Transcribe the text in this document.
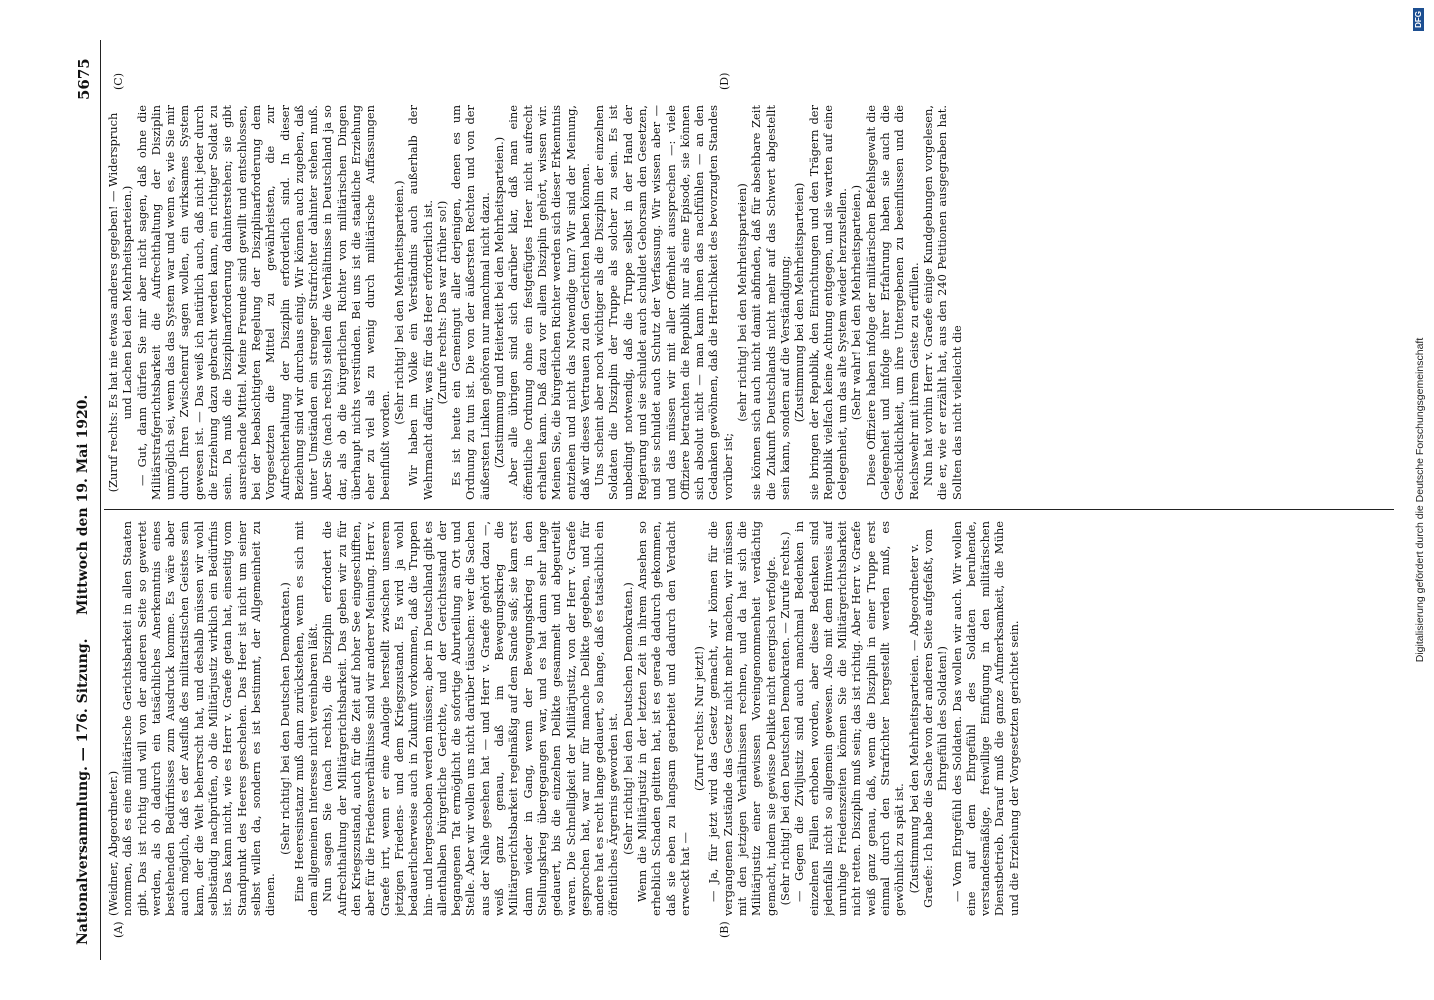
Nationalversammlung. — 176. Sitzung.
Mittwoch den 19. Mai 1920.
5675
(A)	(B)
(C)	(D)

(Weidner, Abgeordneter.) nommen, daß es eine militärische Gerichtsbarkeit in allen Staaten gibt. Das ist richtig und will von der anderen Seite so gewertet werden, als ob dadurch ein tatsächliches Anerkenntnis eines bestehenden Bedürfnisses zum Ausdruck komme. Es wäre aber auch möglich, daß es der Ausfluß des militaristischen Geistes sein kann, der die Welt beherrscht hat, und deshalb müssen wir wohl selbständig nachprüfen, ob die Militärjustiz wirklich ein Bedürfnis ist. Das kann nicht, wie es Herr v. Graefe getan hat, einseitig vom Standpunkt des Heeres geschehen. Das Heer ist nicht um seiner selbst willen da, sondern es ist bestimmt, der Allgemeinheit zu dienen.

(Sehr richtig! bei den Deutschen Demokraten.) Eine Heeresinstanz muß dann zurückstehen, wenn es sich mit dem allgemeinen Interesse nicht vereinbaren läßt. Nun sagen Sie (nach rechts), die Disziplin erfordert die Aufrechthaltung der Militärgerichtsbarkeit. Das geben wir zu für den Kriegszustand, auch für die Zeit auf hoher See eingeschifften, aber für die Friedensverhältnisse sind wir anderer Meinung. Herr v. Graefe irrt, wenn er eine Analogie herstellt zwischen unserem jetzigen Friedens- und dem Kriegszustand. Es wird ja wohl bedauerlicherweise auch in Zukunft vorkommen, daß die Truppen hin- und hergeschoben werden müssen; aber in Deutschland gibt es allenthalben bürgerliche Gerichte, und der Gerichtsstand der begangenen Tat ermöglicht die sofortige Aburteilung an Ort und Stelle. Aber wir wollen uns nicht darüber täuschen: wer die Sachen aus der Nähe gesehen hat — und Herr v. Graefe gehört dazu —, weiß ganz genau, daß im Bewegungskrieg die Militärgerichtsbarkeit regelmäßig auf dem Sande saß; sie kam erst dann wieder in Gang, wenn der Bewegungskrieg in den Stellungskrieg übergegangen war, und es hat dann sehr lange gedauert, bis die einzelnen Delikte gesammelt und abgeurteilt waren. Die Schnelligkeit der Militärjustiz, von der Herr v. Graefe gesprochen hat, war nur für manche Delikte gegeben, und für andere hat es recht lange gedauert, so lange, daß es tatsächlich ein öffentliches Ärgernis geworden ist. (Sehr richtig! bei den Deutschen Demokraten.) Wenn die Militärjustiz in der letzten Zeit in ihrem Ansehen so erheblich Schaden gelitten hat, ist es gerade dadurch gekommen, daß sie eben zu langsam gearbeitet und dadurch den Verdacht erweckt hat —

(Zuruf rechts: Nur jetzt!) — Ja, für jetzt wird das Gesetz gemacht, wir können für die vergangenen Zustände das Gesetz nicht mehr machen, wir müssen mit den jetzigen Verhältnissen rechnen, und da hat sich die Militärjustiz einer gewissen Voreingenommenheit verdächtig gemacht, indem sie gewisse Delikte nicht energisch verfolgte. (Sehr richtig! bei den Deutschen Demokraten. — Zurufe rechts.) — Gegen die Ziviljustiz sind auch manchmal Bedenken in einzelnen Fällen erhoben worden, aber diese Bedenken sind jedenfalls nicht so allgemein gewesen. Also mit dem Hinweis auf unruhige Friedenszeiten können Sie die Militärgerichtsbarkeit nicht retten. Disziplin muß sein; das ist richtig. Aber Herr v. Graefe weiß ganz genau, daß, wenn die Disziplin in einer Truppe erst einmal durch den Strafrichter hergestellt werden muß, es gewöhnlich zu spät ist. (Zustimmung bei den Mehrheitsparteien. — Abgeordneter v. Graefe: Ich habe die Sache von der anderen Seite aufgefaßt, vom Ehrgefühl des Soldaten!) — Vom Ehrgefühl des Soldaten. Das wollen wir auch. Wir wollen eine auf dem Ehrgefühl des Soldaten beruhende, verstandesmäßige, freiwillige Einfügung in den militärischen Dienstbetrieb. Darauf muß die ganze Aufmerksamkeit, die Mühe und die Erziehung der Vorgesetzten gerichtet sein.

(Zuruf rechts: Es hat nie etwas anderes gegeben! — Widerspruch und Lachen bei den Mehrheitsparteien.) — Gut, dann dürfen Sie mir aber nicht sagen, daß ohne die Militärstrafgerichtsbarkeit die Aufrechthaltung der Disziplin unmöglich sei, wenn das das System war und wenn es, wie Sie mir durch Ihren Zwischenruf sagen wollen, ein wirksames System gewesen ist. — Das weiß ich natürlich auch, daß nicht jeder durch die Erziehung dazu gebracht werden kann, ein richtiger Soldat zu sein. Da muß die Disziplinarforderung dahinterstehen; sie gibt ausreichende Mittel. Meine Freunde sind gewillt und entschlossen, bei der beabsichtigten Regelung der Disziplinarforderung dem Vorgesetzten die Mittel zu gewährleisten, die zur Aufrechterhaltung der Disziplin erforderlich sind. In dieser Beziehung sind wir durchaus einig. Wir können auch zugeben, daß unter Umständen ein strenger Strafrichter dahinter stehen muß. Aber Sie (nach rechts) stellen die Verhältnisse in Deutschland ja so dar, als ob die bürgerlichen Richter von militärischen Dingen überhaupt nichts verstünden. Bei uns ist die staatliche Erziehung eher zu viel als zu wenig durch militärische Auffassungen beeinflußt worden.

(Sehr richtig! bei den Mehrheitsparteien.) Wir haben im Volke ein Verständnis auch außerhalb der Wehrmacht dafür, was für das Heer erforderlich ist. (Zurufe rechts: Das war früher so!) Es ist heute ein Gemeingut aller derjenigen, denen es um Ordnung zu tun ist. Die von der äußersten Rechten und von der äußersten Linken gehören nur manchmal nicht dazu. (Zustimmung und Heiterkeit bei den Mehrheitsparteien.) Aber alle übrigen sind sich darüber klar, daß man eine öffentliche Ordnung ohne ein festgefügtes Heer nicht aufrecht erhalten kann. Daß dazu vor allem Disziplin gehört, wissen wir. Meinen Sie, die bürgerlichen Richter werden sich dieser Erkenntnis entziehen und nicht das Notwendige tun? Wir sind der Meinung, daß wir dieses Vertrauen zu den Gerichten haben können. Uns scheint aber noch wichtiger als die Disziplin der einzelnen Soldaten die Disziplin der Truppe als solcher zu sein. Es ist unbedingt notwendig, daß die Truppe selbst in der Hand der Regierung und sie schuldet auch schuldet Gehorsam den Gesetzen, und sie schuldet auch Schutz der Verfassung. Wir wissen aber — und das müssen wir mit aller Offenheit aussprechen —: viele Offiziere betrachten die Republik nur als eine Episode, sie können sich absolut nicht — man kann ihnen das nachfühlen — an den Gedanken gewöhnen, daß die Herrlichkeit des bevorzugten Standes vorüber ist;

(sehr richtig! bei den Mehrheitsparteien) sie können sich auch nicht damit abfinden, daß für absehbare Zeit die Zukunft Deutschlands nicht mehr auf das Schwert abgestellt sein kann, sondern auf die Verständigung; (Zustimmung bei den Mehrheitsparteien) sie bringen der Republik, den Einrichtungen und den Trägern der Republik vielfach keine Achtung entgegen, und sie warten auf eine Gelegenheit, um das alte System wieder herzustellen. (Sehr wahr! bei den Mehrheitsparteien.) Diese Offiziere haben infolge der militärischen Befehlsgewalt die Gelegenheit und infolge ihrer Erfahrung haben sie auch die Geschicklichkeit, um ihre Untergebenen zu beeinflussen und die Reichswehr mit ihrem Geiste zu erfüllen. Nun hat vorhin Herr v. Graefe einige Kundgebungen vorgelesen, die er, wie er erzählt hat, aus den 240 Petitionen ausgegraben hat. Sollten das nicht vielleicht die	Digitalisierung gefördert durch die Deutsche Forschungsgemeinschaft
DFG
